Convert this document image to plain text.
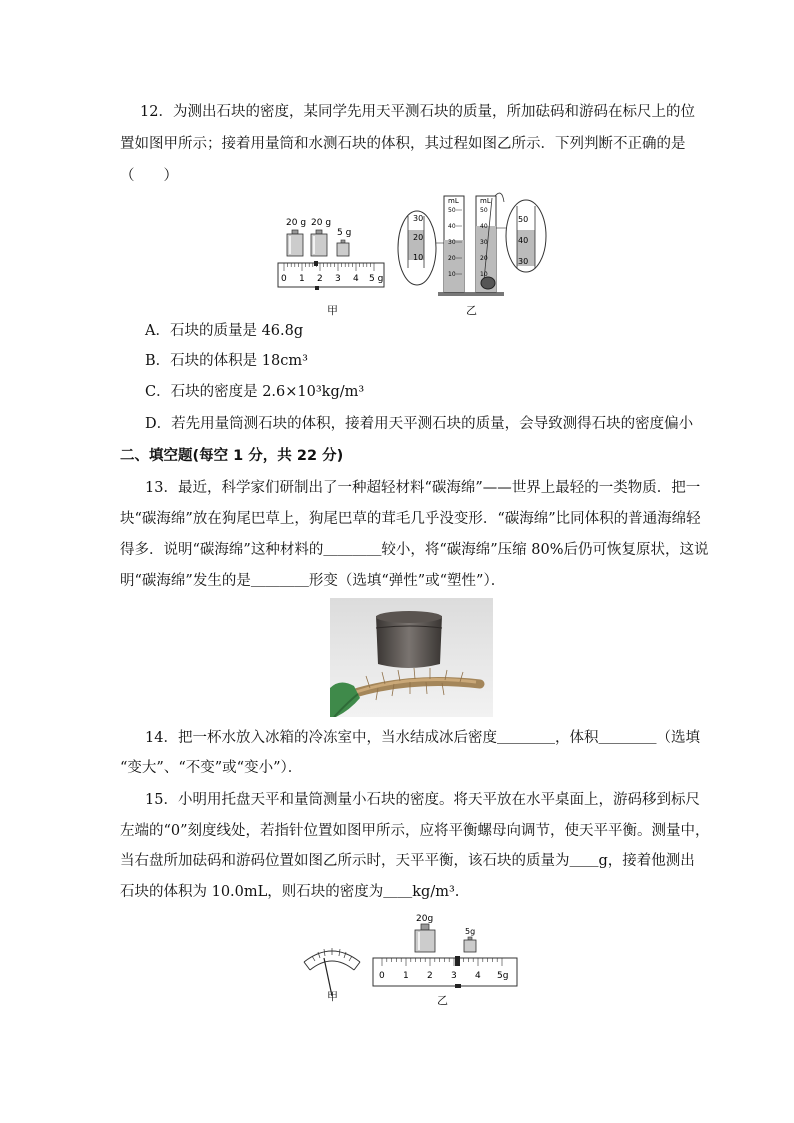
12．为测出石块的密度，某同学先用天平测石块的质量，所加砝码和游码在标尺上的位
置如图甲所示；接着用量筒和水测石块的体积，其过程如图乙所示．下列判断不正确的是
（　　）
20 g 20 g
5 g
0 1 2 3 4 5 g
甲
30
20
10
mL
50
40
30
20
10
mL
50
40
30
20
10
50
40
30
乙
A．石块的质量是 46.8g
B．石块的体积是 18cm³
C．石块的密度是 2.6×10³kg/m³
D．若先用量筒测石块的体积，接着用天平测石块的质量，会导致测得石块的密度偏小
二、填空题(每空 1 分，共 22 分)
13．最近，科学家们研制出了一种超轻材料“碳海绵”——世界上最轻的一类物质．把一
块“碳海绵”放在狗尾巴草上，狗尾巴草的茸毛几乎没变形．“碳海绵”比同体积的普通海绵轻
得多．说明“碳海绵”这种材料的＿＿＿＿较小，将“碳海绵”压缩 80%后仍可恢复原状，这说
明“碳海绵”发生的是＿＿＿＿形变（选填“弹性”或“塑性”）．
14．把一杯水放入冰箱的冷冻室中，当水结成冰后密度＿＿＿＿，体积＿＿＿＿（选填
“变大”、“不变”或“变小”）．
15．小明用托盘天平和量筒测量小石块的密度。将天平放在水平桌面上，游码移到标尺
左端的“0”刻度线处，若指针位置如图甲所示，应将平衡螺母向调节，使天平平衡。测量中，
当右盘所加砝码和游码位置如图乙所示时，天平平衡，该石块的质量为＿＿g，接着他测出
石块的体积为 10.0mL，则石块的密度为＿＿kg/m³.
甲
20g
5g
0 1 2 3 4 5g
乙
